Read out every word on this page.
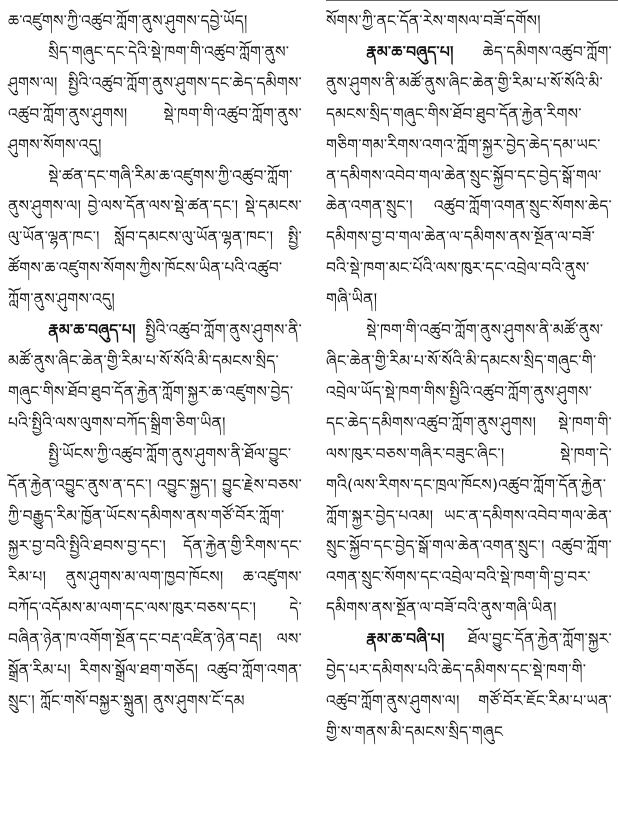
ཆ་འཛུགས་ཀྱི་འཚུབ་ཀློག་ནུས་ཤུགས་དབྱེ་ཡོད།

སྲིད་གཞུང་དང་དེའི་སྡེ་ཁག་གི་འཚུབ་ཀློག་ནུས་ཤུགས་ལ། སྤྱིའི་འཚུབ་ཀློག་ནུས་ཤུགས་དང་ཆེད་དམིགས་འཚུབ་ཀློག་ནུས་ཤུགས། སྡེ་ཁག་གི་འཚུབ་ཀློག་ནུས་ཤུགས་སོགས་འདུ།

སྡེ་ཚན་དང་གཞི་རིམ་ཆ་འཛུགས་ཀྱི་འཚུབ་ཀློག་ནུས་ཤུགས་ལ། བྱེ་ལས་དོན་ལས་སྡེ་ཚན་དང་། སྡེ་དམངས་ལུ་ཡོན་ལྷན་ཁང་། སློབ་དམངས་ལུ་ཡོན་ལྷན་ཁང་། སྤྱི་ཚོགས་ཆ་འཛུགས་སོགས་ཀྱིས་ཁོངས་ཡིན་པའི་འཚུབ་ཀློག་ནུས་ཤུགས་འདུ།

རྣམ་ཆ་བཞུད་པ། སྤྱིའི་འཚུབ་ཀློག་ནུས་ཤུགས་ནི་མཚོ་ནུས་ཞིང་ཆེན་གྱི་རིམ་པ་སོ་སོའི་མི་དམངས་སྲིད་གཞུང་གིས་ཐོབ་ཐུབ་དོན་རྐྱེན་ཀློག་སྐྱར་ཆ་འཛུགས་བྱེད་པའི་སྤྱིའི་ལས་ལུགས་བཀོད་སྒྲིག་ཅིག་ཡིན།

སྤྱི་ཡོངས་ཀྱི་འཚུབ་ཀློག་ནུས་ཤུགས་ནི་ཐོལ་བྱུང་དོན་རྐྱེན་འབྱུང་ནུས་ན་དང་། འབྱུང་སྐྱད་། བྱུང་རྗེས་བཅས་ཀྱི་བརྒྱུད་རིམ་ཁྱོན་ཡོངས་དམིགས་ནས་གཙོ་བོར་ཀློག་སྐྱར་བྱ་བའི་སྤྱིའི་ཐབས་བྱ་དང་། དོན་རྐྱེན་གྱི་རིགས་དང་རིམ་པ། ནུས་ཤུགས་མ་ལག་ཁྱབ་ཁོངས། ཆ་འཛུགས་བཀོད་འདོམས་མ་ལག་དང་ལས་ཁུར་བཅས་དང་། དེ་བཞིན་ཉེན་ཁ་འགོག་སྔོན་དང་བརྡ་འཛིན་ཉེན་བརྡ། ལས་སྒྲོན་རིམ་པ། རིགས་སྒྲོལ་ཐག་གཅོད། འཚུབ་ཀློག་འགན་སྲུང་། ཀློང་གསོ་བསྐྱར་སྐྲུན། ནུས་ཤུགས་ངོ་དམ

སོགས་ཀྱི་ནང་དོན་རེས་གསལ་བཟོ་དགོས།

རྣམ་ཆ་བཞུད་པ། ཆེད་དམིགས་འཚུབ་ཀློག་ནུས་ཤུགས་ནི་མཚོ་ནུས་ཞིང་ཆེན་གྱི་རིམ་པ་སོ་སོའི་མི་དམངས་སྲིད་གཞུང་གིས་ཐོབ་ཐུབ་དོན་རྐྱེན་རིགས་གཅིག་གམ་རིགས་འགའ་ཀློག་སྐྱར་བྱེད་ཆེད་དམ་ཡང་ན་དམིགས་འབེབ་གལ་ཆེན་སྲུང་སྐྱོབ་དང་བྱེད་སྒོ་གལ་ཆེན་འགན་སྲུང་། འཚུབ་ཀློག་འགན་སྲུང་སོགས་ཆེད་དམིགས་བྱ་བ་གལ་ཆེན་ལ་དམིགས་ནས་སྔོན་ལ་བཟོ་བའི་སྡེ་ཁག་མང་པོའི་ལས་ཁུར་དང་འབྲེལ་བའི་ནུས་གཞི་ཡིན།

སྡེ་ཁག་གི་འཚུབ་ཀློག་ནུས་ཤུགས་ནི་མཚོ་ནུས་ཞིང་ཆེན་གྱི་རིམ་པ་སོ་སོའི་མི་དམངས་སྲིད་གཞུང་གི་འབྲེལ་ཡོད་སྡེ་ཁག་གིས་སྤྱིའི་འཚུབ་ཀློག་ནུས་ཤུགས་དང་ཆེད་དམིགས་འཚུབ་ཀློག་ནུས་ཤུགས། སྡེ་ཁག་གི་ལས་ཁུར་བཅས་གཞིར་བཟུང་ཞིང་། སྡེ་ཁག་དེ་གའི(ལས་རིགས་དང་ཁྲལ་ཁོངས)འཚུབ་ཀློག་དོན་རྐྱེན་ཀློག་སྐྱར་བྱེད་པའམ། ཡང་ན་དམིགས་འབེབ་གལ་ཆེན་སྲུང་སྐྱོབ་དང་བྱེད་སྒོ་གལ་ཆེན་འགན་སྲུང་། འཚུབ་ཀློག་འགན་སྲུང་སོགས་དང་འབྲེལ་བའི་སྡེ་ཁག་གི་བྱ་བར་དམིགས་ནས་སྔོན་ལ་བཟོ་བའི་ནུས་གཞི་ཡིན།

རྣམ་ཆ་བཞི་པ། ཐོལ་བྱུང་དོན་རྐྱེན་ཀློག་སྐྱར་བྱེད་པར་དམིགས་པའི་ཆེད་དམིགས་དང་སྡེ་ཁག་གི་འཚུབ་ཀློག་ནུས་ཤུགས་ལ། གཙོ་བོར་ཇོང་རིམ་པ་ཡན་གྱི་ས་གནས་མི་དམངས་སྲིད་གཞུང
